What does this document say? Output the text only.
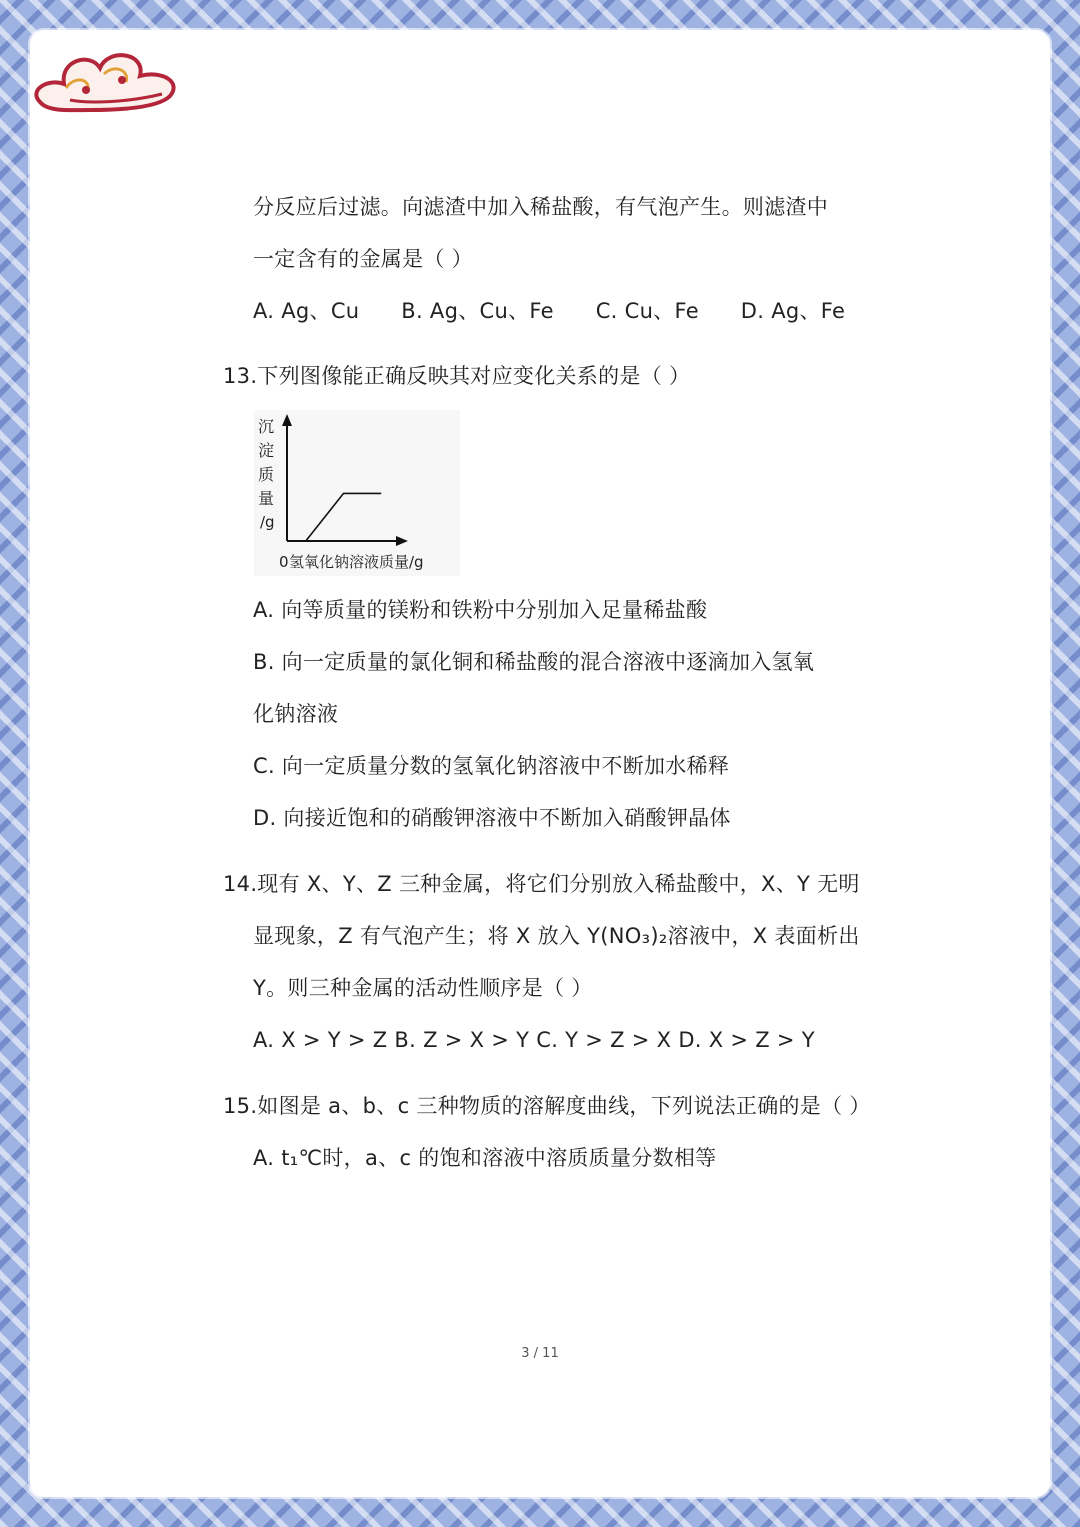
分反应后过滤。向滤渣中加入稀盐酸，有气泡产生。则滤渣中
一定含有的金属是（ ）
A. Ag、Cu      B. Ag、Cu、Fe      C. Cu、Fe      D. Ag、Fe
13.下列图像能正确反映其对应变化关系的是（ ）
沉
淀
质
量
/g
0 氢氧化钠溶液质量/g
A. 向等质量的镁粉和铁粉中分别加入足量稀盐酸
B. 向一定质量的氯化铜和稀盐酸的混合溶液中逐滴加入氢氧
化钠溶液
C. 向一定质量分数的氢氧化钠溶液中不断加水稀释
D. 向接近饱和的硝酸钾溶液中不断加入硝酸钾晶体
14.现有 X、Y、Z 三种金属，将它们分别放入稀盐酸中，X、Y 无明
显现象，Z 有气泡产生；将 X 放入 Y(NO₃)₂溶液中，X 表面析出
Y。则三种金属的活动性顺序是（ ）
A. X > Y > Z B. Z > X > Y C. Y > Z > X D. X > Z > Y
15.如图是 a、b、c 三种物质的溶解度曲线，下列说法正确的是（ ）
A. t₁℃时，a、c 的饱和溶液中溶质质量分数相等
3 / 11
